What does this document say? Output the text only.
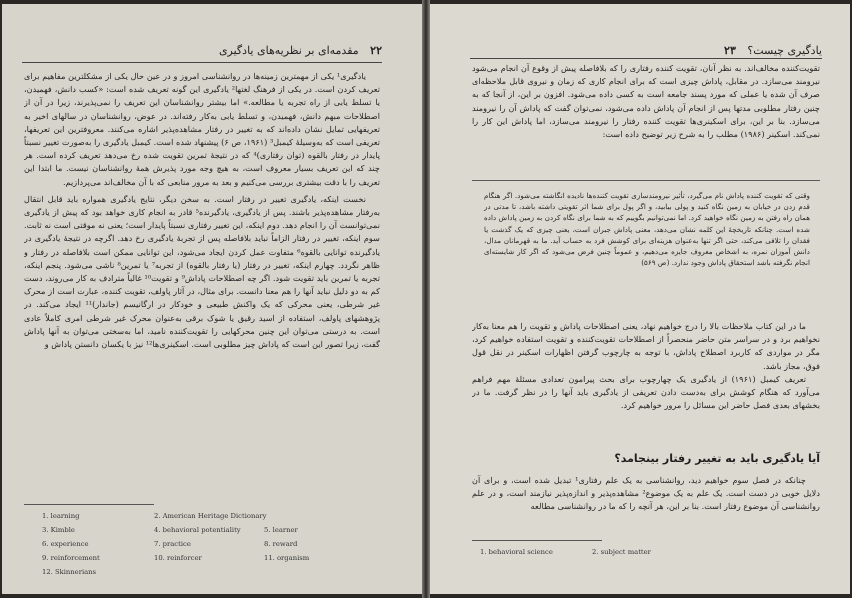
۲۲ مقدمه‌ای بر نظریه‌های یادگیری

یادگیری¹ یکی از مهمترین زمینه‌ها در روانشناسی امروز و در عین حال یکی از مشکلترین مفاهیم برای تعریف کردن است. در یکی از فرهنگ لغتها² یادگیری این گونه تعریف شده است: «کسب دانش، فهمیدن، یا تسلط یابی از راه تجربه یا مطالعه.» اما بیشتر روانشناسان این تعریف را نمی‌پذیرند، زیرا در آن از اصطلاحات مبهم دانش، فهمیدن، و تسلط یابی به‌کار رفته‌اند. در عوض، روانشناسان در سالهای اخیر به تعریفهایی تمایل نشان داده‌اند که به تغییر در رفتار مشاهده‌پذیر اشاره می‌کنند. معروفترین این تعریفها، تعریفی است که به‌وسیلهٔ کیمبل³ (۱۹۶۱، ص ۶) پیشنهاد شده است. کیمبل یادگیری را به‌صورت تغییر نسبتاً پایدار در رفتار بالقوه (توان رفتاری)⁴ که در نتیجهٔ تمرین تقویت شده رخ می‌دهد تعریف کرده است. هر چند که این تعریف بسیار معروف است، به هیچ وجه مورد پذیرش همهٔ روانشناسان نیست. ما ابتدا این تعریف را با دقت بیشتری بررسی می‌کنیم و بعد به مرور منابعی که با آن مخالف‌اند می‌پردازیم.

نخست اینکه، یادگیری تغییر در رفتار است. به سخن دیگر، نتایج یادگیری همواره باید قابل انتقال به‌رفتار مشاهده‌پذیر باشند. پس از یادگیری، یادگیرنده⁵ قادر به انجام کاری خواهد بود که پیش از یادگیری نمی‌توانست آن را انجام دهد. دوم اینکه، این تغییر رفتاری نسبتاً پایدار است؛ یعنی نه موقتی است نه ثابت. سوم اینکه، تغییر در رفتار الزاماً نباید بلافاصله پس از تجربهٔ یادگیری رخ دهد. اگرچه در نتیجهٔ یادگیری در یادگیرنده توانایی بالقوه⁶ متفاوت عمل کردن ایجاد می‌شود، این توانایی ممکن است بلافاصله در رفتار و ظاهر نگردد. چهارم اینکه، تغییر در رفتار (یا رفتار بالقوه) از تجربه⁷ یا تمرین⁸ ناشی می‌شود. پنجم اینکه، تجربه یا تمرین باید تقویت شود. اگر چه اصطلاحات پاداش⁹ و تقویت¹⁰ غالباً مترادف به کار می‌روند، دست کم به دو دلیل نباید آنها را هم معنا دانست. برای مثال، در آثار پاولف، تقویت کننده، عبارت است از محرک غیر شرطی، یعنی محرکی که یک واکنش طبیعی و خودکار در ارگانیسم (جاندار)¹¹ ایجاد می‌کند. در پژوهشهای پاولف، استفاده از اسید رقیق یا شوک برقی به‌عنوان محرک غیر شرطی امری کاملاً عادی است. به درستی می‌توان این چنین محرکهایی را تقویت‌کننده نامید، اما به‌سختی می‌توان به آنها پاداش گفت، زیرا تصور این است که پاداش چیز مطلوبی است. اسکینری‌ها¹² نیز با یکسان دانستن پاداش و

1. learning	2. American Heritage Dictionary
3. Kimble	4. behavioral potentiality	5. learner
6. experience	7. practice	8. reward
9. reinforcement	10. reinforcer	11. organism
12. Skinnerians
یادگیری چیست؟ ۲۳

تقویت‌کننده مخالف‌اند. به نظر آنان، تقویت کننده رفتاری را که بلافاصله پیش از وقوع آن انجام می‌شود نیرومند می‌سازد. در مقابل، پاداش چیزی است که برای انجام کاری که زمان و نیروی قابل ملاحظه‌ای صرف آن شده یا عملی که مورد پسند جامعه است به کسی داده می‌شود. افزون بر این، از آنجا که به چنین رفتار مطلوبی مدتها پس از انجام آن پاداش داده می‌شود، نمی‌توان گفت که پاداش آن را نیرومند می‌سازد. بنا بر این، برای اسکینری‌ها تقویت کننده رفتار را نیرومند می‌سازد، اما پاداش این کار را نمی‌کند. اسکینر (۱۹۸۶) مطلب را به شرح زیر توضیح داده است:

وقتی که تقویت کننده پاداش نام می‌گیرد، تأثیر نیرومندسازی تقویت کننده‌ها نادیده انگاشته می‌شود. اگر هنگام قدم زدن در خیابان به زمین نگاه کنید و پولی بیابید، و اگر پول برای شما اثر تقویتی داشته باشد، تا مدتی در همان راه رفتن به زمین نگاه خواهید کرد. اما نمی‌توانیم بگوییم که به شما برای نگاه کردن به زمین پاداش داده شده است. چنانکه تاریخچهٔ این کلمه نشان می‌دهد، معنی پاداش جبران است، یعنی چیزی که یک گذشت یا فقدان را تلافی می‌کند، حتی اگر تنها به‌عنوان هزینه‌ای برای کوشش فرد به حساب آید. ما به قهرمانان مدال، دانش آموزان نمره، به اشخاص معروف جایزه می‌دهیم، و عموماً چنین فرض می‌شود که اگر کار شایسته‌ای انجام نگرفته باشد استحقاق پاداش وجود ندارد. (ص ۵۶۹)

ما در این کتاب ملاحظات بالا را درج خواهیم نهاد، یعنی اصطلاحات پاداش و تقویت را هم معنا به‌کار نخواهیم برد و در سراسر متن حاضر منحصراً از اصطلاحات تقویت‌کننده و تقویت استفاده خواهیم کرد، مگر در مواردی که کاربرد اصطلاح پاداش، با توجه به چارچوب گرفتن اظهارات اسکینر در نقل قول فوق، مجاز باشد.

تعریف کیمبل (۱۹۶۱) از یادگیری یک چهارچوب برای بحث پیرامون تعدادی مسئلهٔ مهم فراهم می‌آورد که هنگام کوشش برای به‌دست دادن تعریفی از یادگیری باید آنها را در نظر گرفت. ما در بخشهای بعدی فصل حاضر این مسائل را مرور خواهیم کرد.

آیا یادگیری باید به تغییر رفتار بینجامد؟

چنانکه در فصل سوم خواهیم دید، روانشناسی به یک علم رفتاری¹ تبدیل شده است، و برای آن دلایل خوبی در دست است. یک علم به یک موضوع² مشاهده‌پذیر و اندازه‌پذیر نیازمند است، و در علم روانشناسی آن موضوع رفتار است. بنا بر این، هر آنچه را که ما در روانشناسی مطالعه

1. behavioral science	2. subject matter
